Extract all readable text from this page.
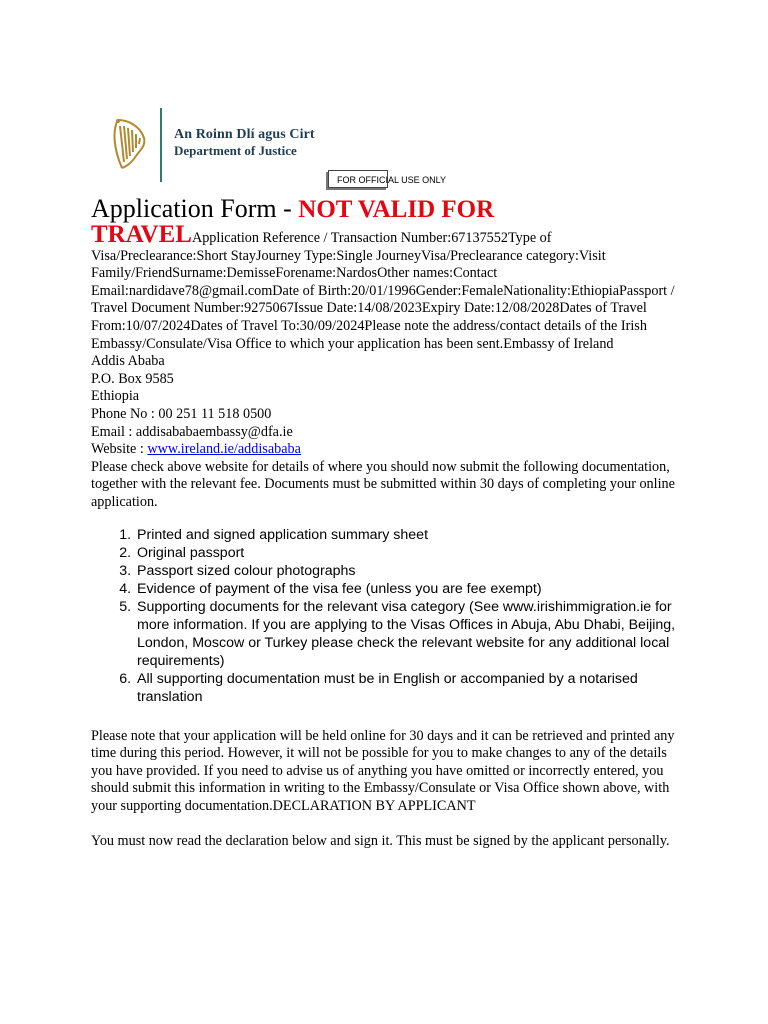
An Roinn Dlí agus Cirt
Department of Justice
FOR OFFICIAL USE ONLY

Application Form - NOT VALID FOR

TRAVELApplication Reference / Transaction Number:67137552Type of Visa/Preclearance:Short StayJourney Type:Single JourneyVisa/Preclearance category:Visit Family/FriendSurname:DemisseForename:NardosOther names:Contact Email:nardidave78@gmail.comDate of Birth:20/01/1996Gender:FemaleNationality:EthiopiaPassport / Travel Document Number:9275067Issue Date:14/08/2023Expiry Date:12/08/2028Dates of Travel From:10/07/2024Dates of Travel To:30/09/2024Please note the address/contact details of the Irish Embassy/Consulate/Visa Office to which your application has been sent.Embassy of Ireland
Addis Ababa
P.O. Box 9585
Ethiopia
Phone No : 00 251 11 518 0500
Email : addisababaembassy@dfa.ie
Website : www.ireland.ie/addisababa
Please check above website for details of where you should now submit the following documentation, together with the relevant fee. Documents must be submitted within 30 days of completing your online application.

1. Printed and signed application summary sheet
2. Original passport
3. Passport sized colour photographs
4. Evidence of payment of the visa fee (unless you are fee exempt)
5. Supporting documents for the relevant visa category (See www.irishimmigration.ie for more information. If you are applying to the Visas Offices in Abuja, Abu Dhabi, Beijing, London, Moscow or Turkey please check the relevant website for any additional local requirements)
6. All supporting documentation must be in English or accompanied by a notarised translation

Please note that your application will be held online for 30 days and it can be retrieved and printed any time during this period. However, it will not be possible for you to make changes to any of the details you have provided. If you need to advise us of anything you have omitted or incorrectly entered, you should submit this information in writing to the Embassy/Consulate or Visa Office shown above, with your supporting documentation.DECLARATION BY APPLICANT

You must now read the declaration below and sign it. This must be signed by the applicant personally.
